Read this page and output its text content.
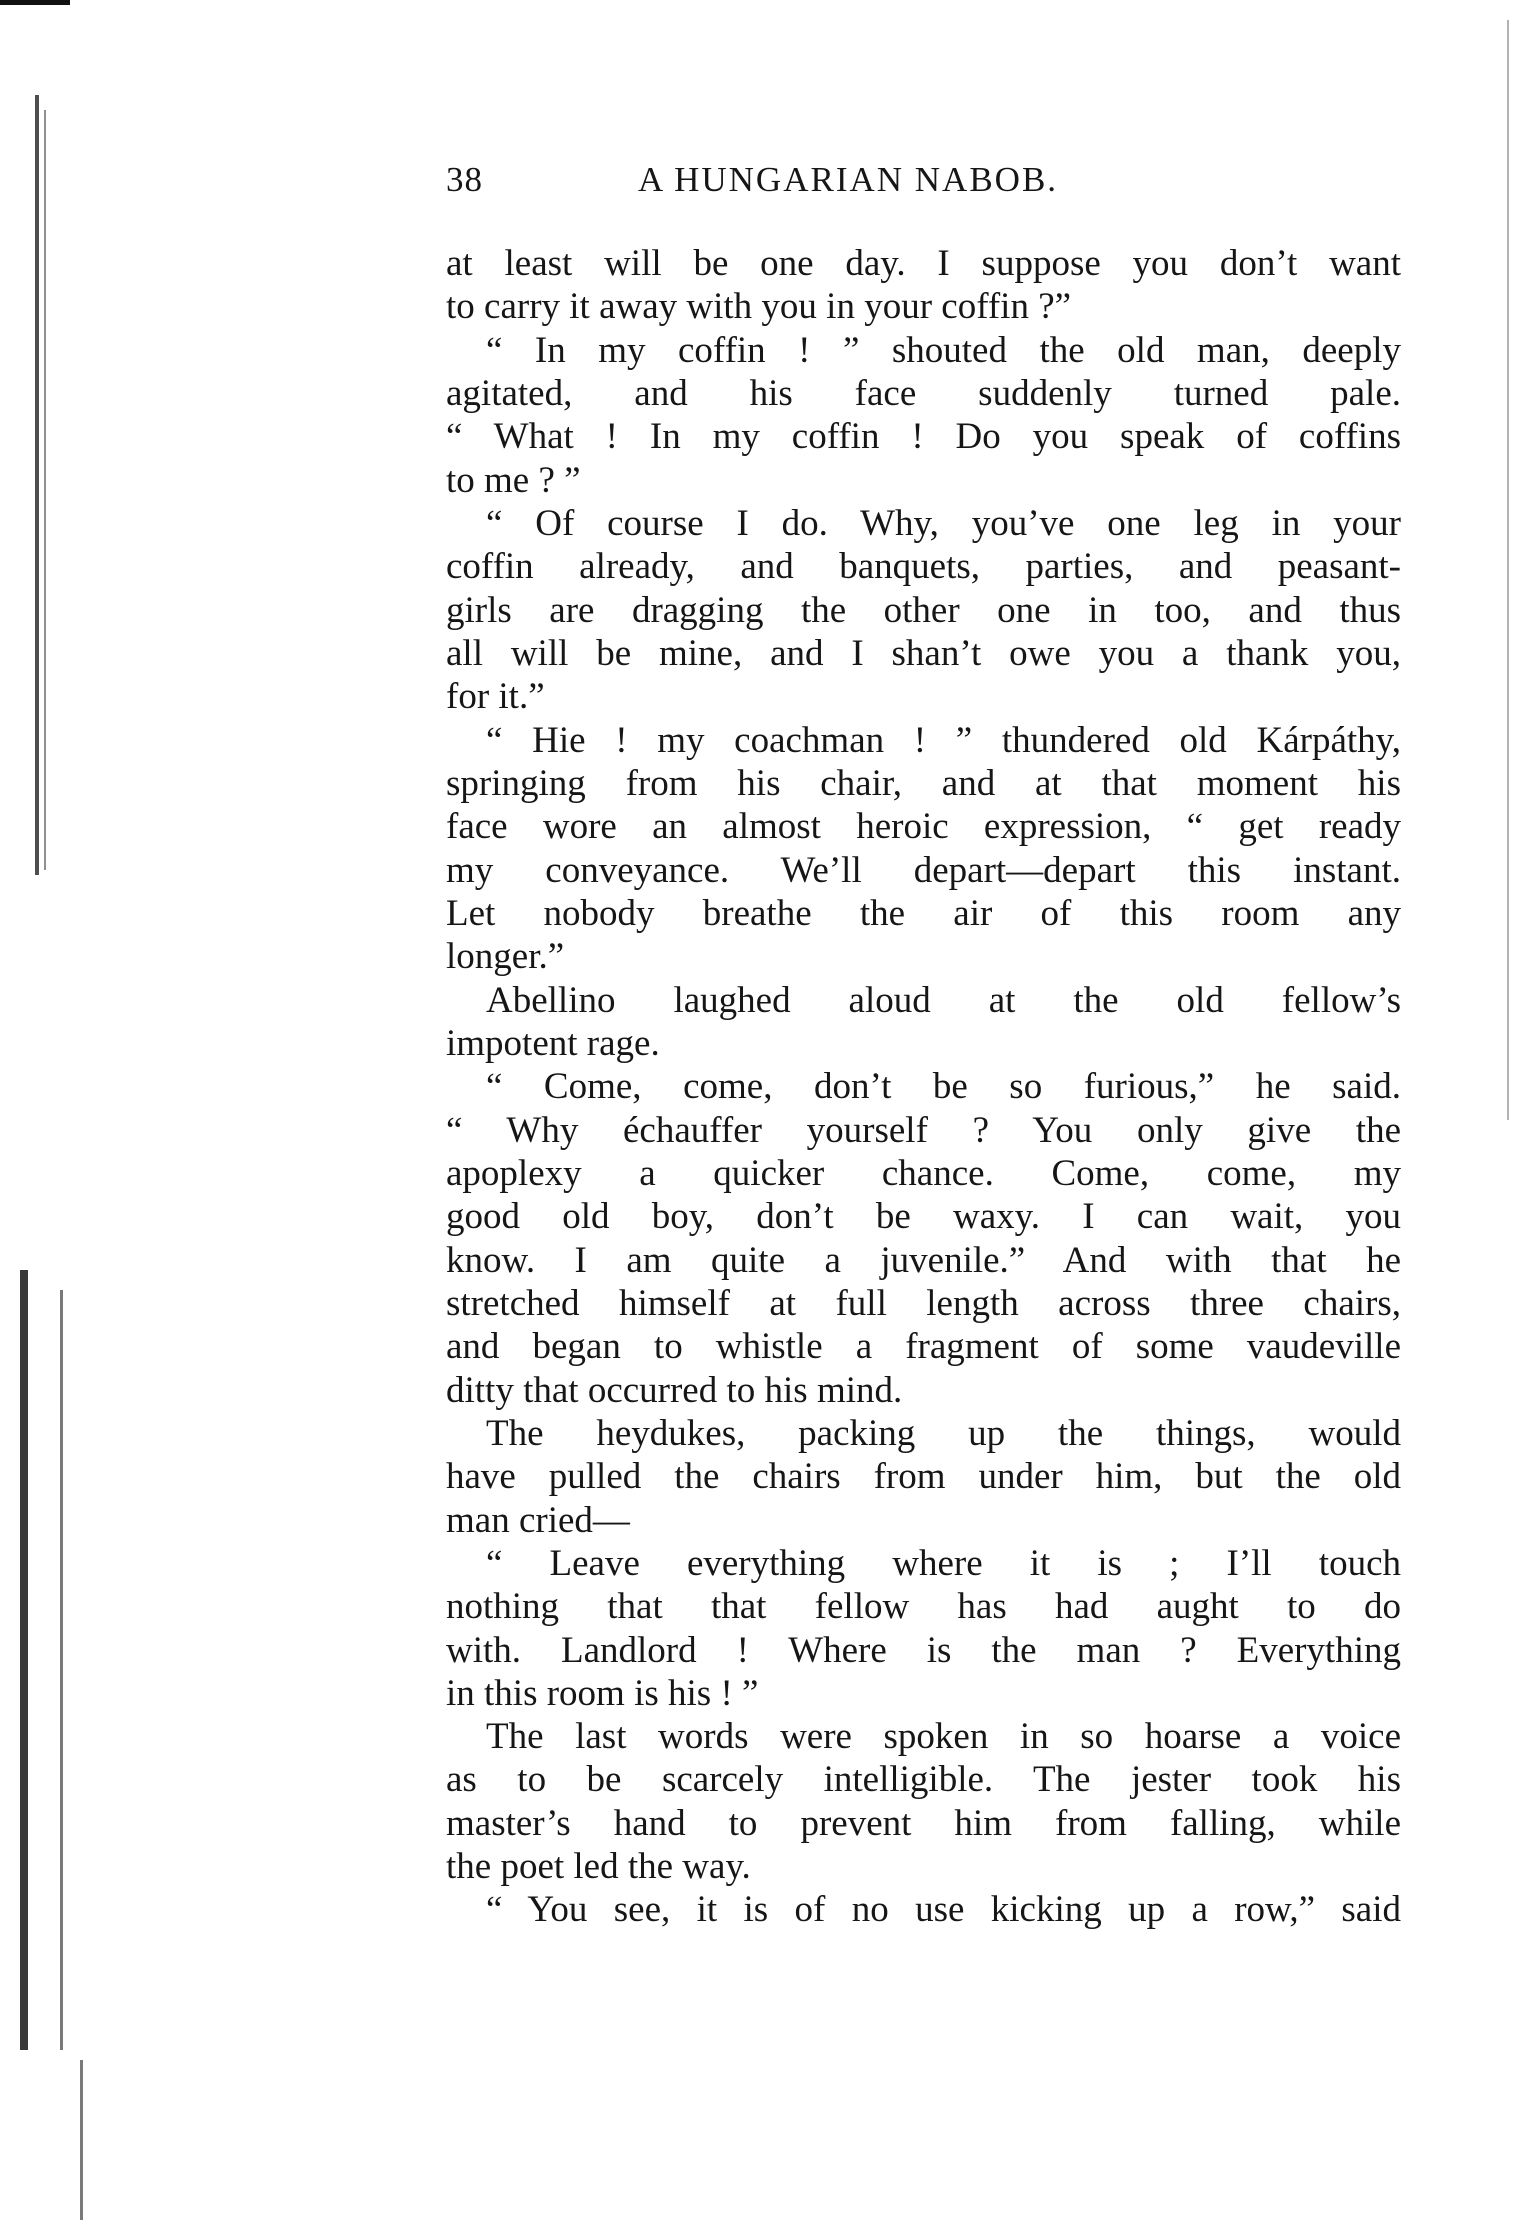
38	A HUNGARIAN NABOB.
at least will be one day. I suppose you don’t want
to carry it away with you in your coffin ?”
“ In my coffin ! ” shouted the old man, deeply
agitated, and his face suddenly turned pale.
“ What ! In my coffin ! Do you speak of coffins
to me ? ”
“ Of course I do. Why, you’ve one leg in your
coffin already, and banquets, parties, and peasant-
girls are dragging the other one in too, and thus
all will be mine, and I shan’t owe you a thank you,
for it.”
“ Hie ! my coachman ! ” thundered old Kárpáthy,
springing from his chair, and at that moment his
face wore an almost heroic expression, “ get ready
my conveyance. We’ll depart—depart this instant.
Let nobody breathe the air of this room any
longer.”
Abellino laughed aloud at the old fellow’s
impotent rage.
“ Come, come, don’t be so furious,” he said.
“ Why échauffer yourself ? You only give the
apoplexy a quicker chance. Come, come, my
good old boy, don’t be waxy. I can wait, you
know. I am quite a juvenile.” And with that he
stretched himself at full length across three chairs,
and began to whistle a fragment of some vaudeville
ditty that occurred to his mind.
The heydukes, packing up the things, would
have pulled the chairs from under him, but the old
man cried—
“ Leave everything where it is ; I’ll touch
nothing that that fellow has had aught to do
with. Landlord ! Where is the man ? Everything
in this room is his ! ”
The last words were spoken in so hoarse a voice
as to be scarcely intelligible. The jester took his
master’s hand to prevent him from falling, while
the poet led the way.
“ You see, it is of no use kicking up a row,” said
